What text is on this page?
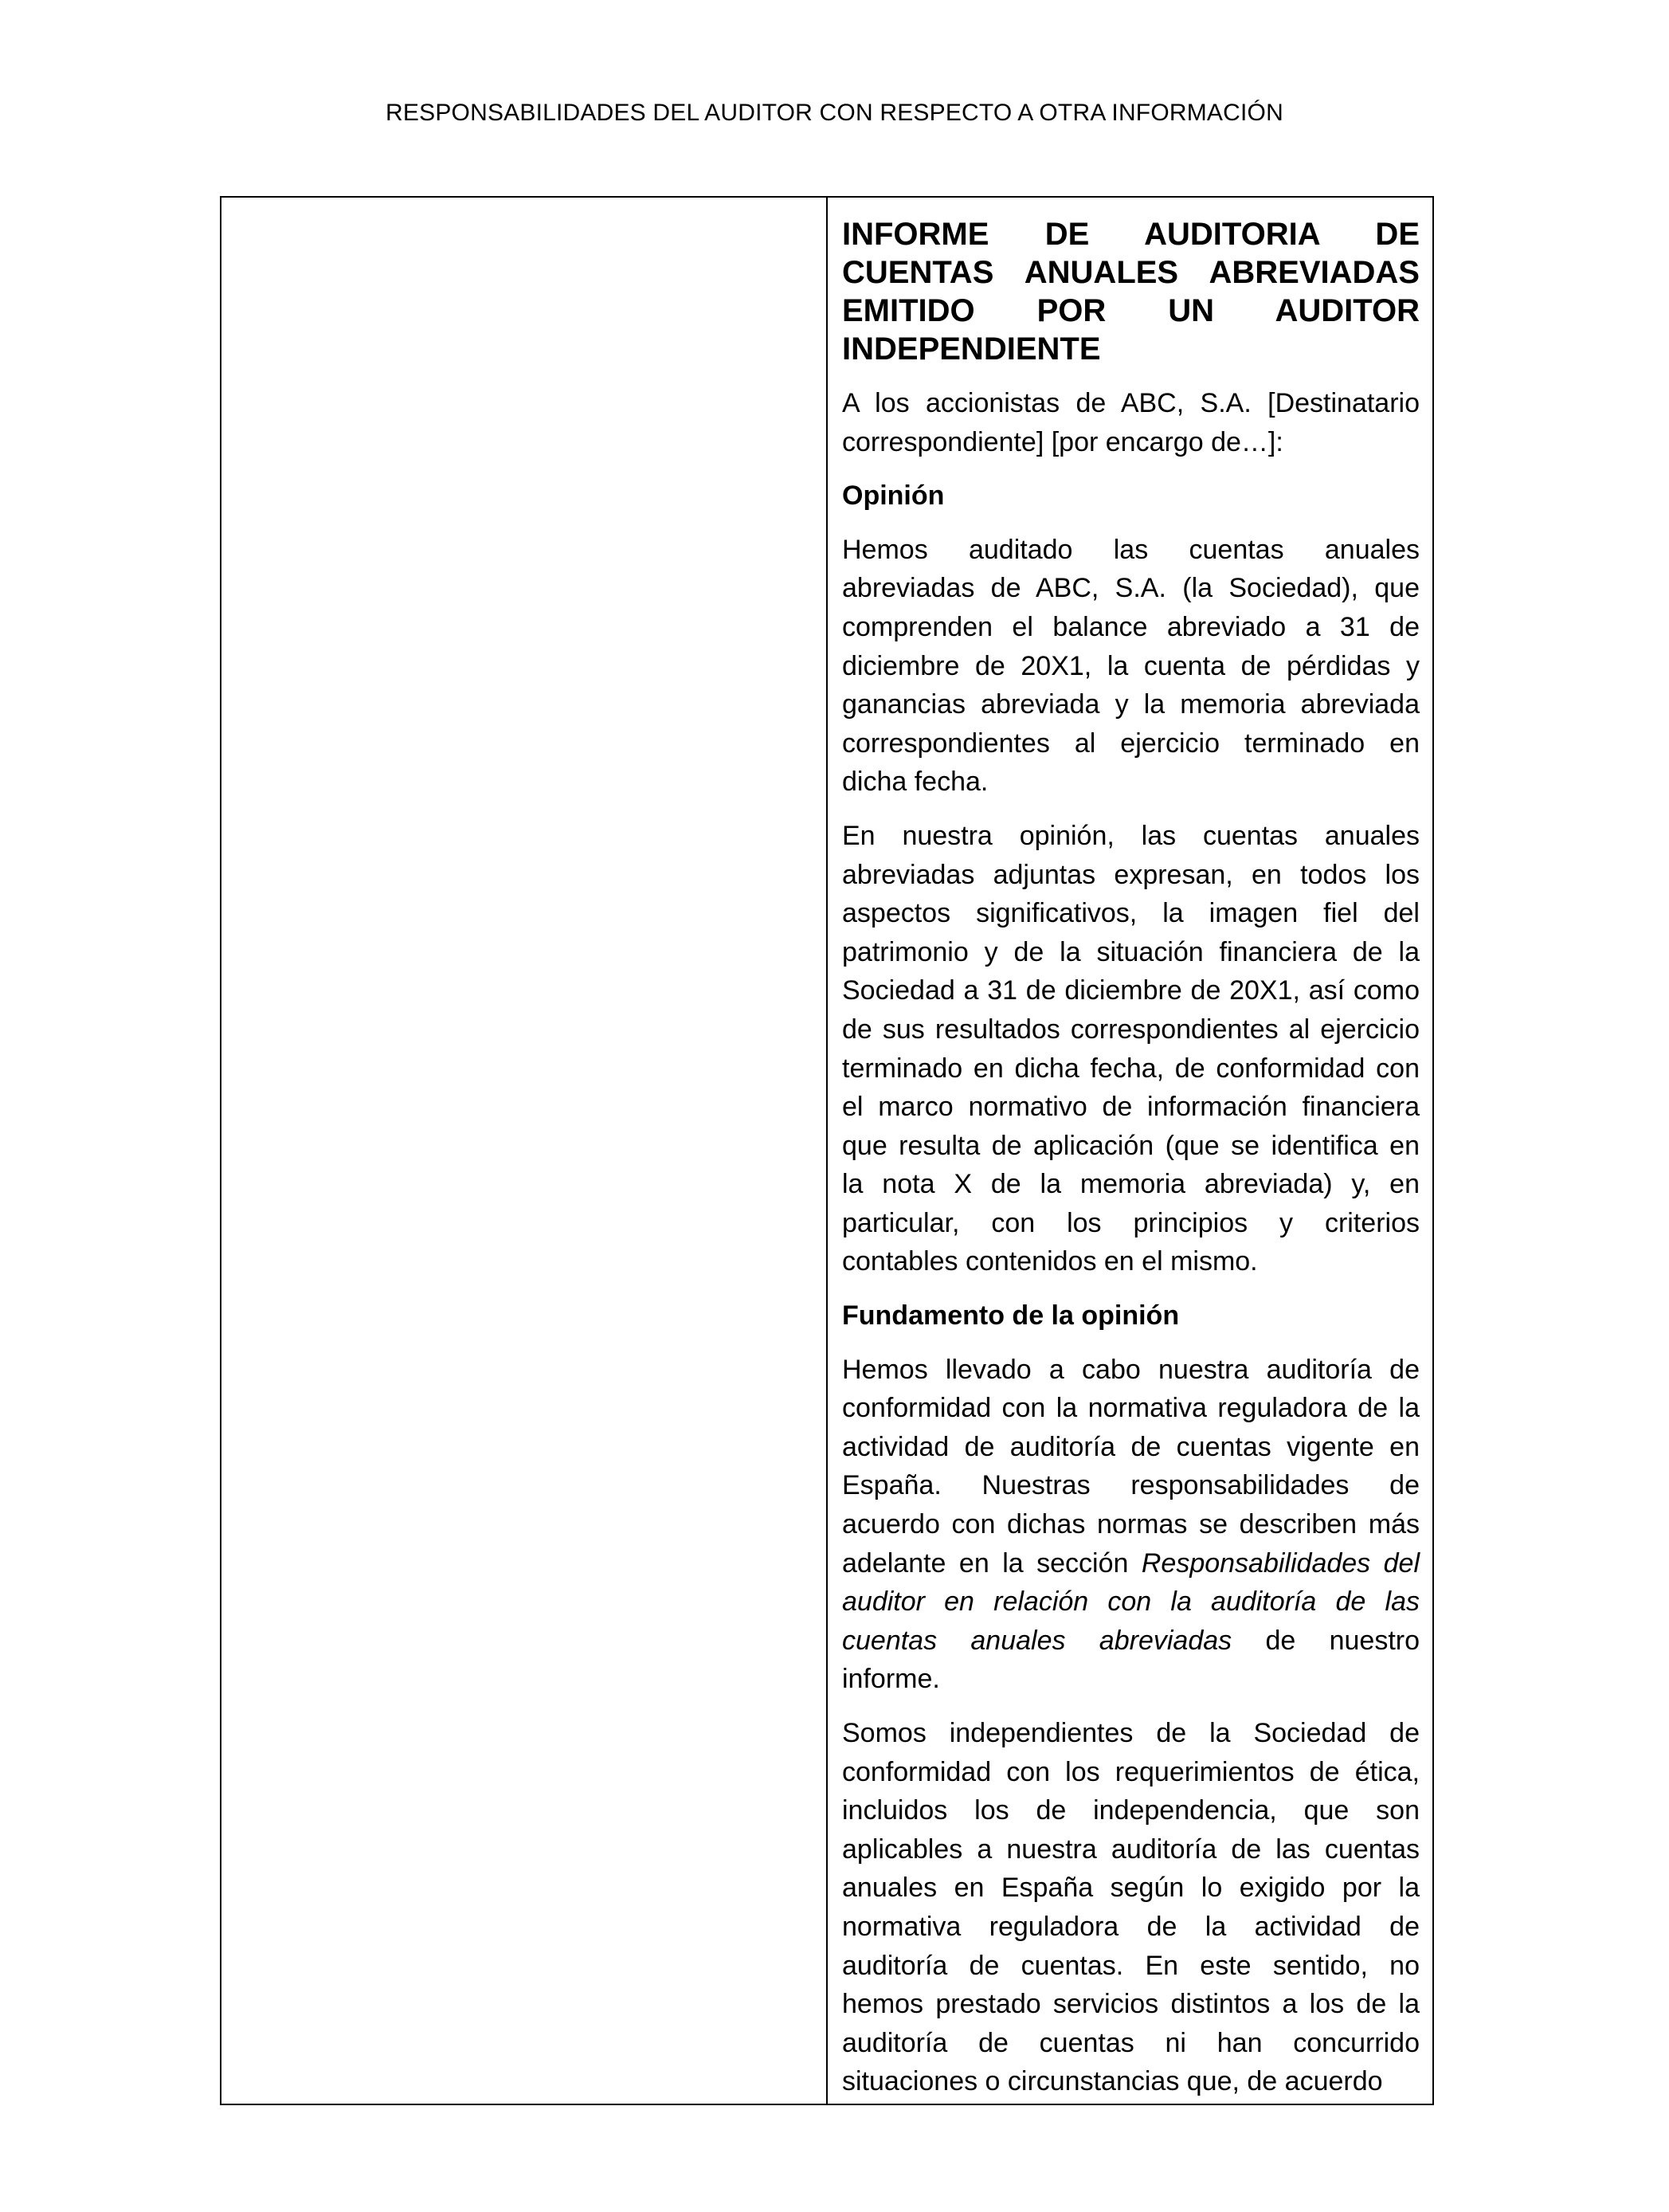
RESPONSABILIDADES DEL AUDITOR CON RESPECTO A OTRA INFORMACIÓN

INFORME DE AUDITORIA DE CUENTAS ANUALES ABREVIADAS EMITIDO POR UN AUDITOR INDEPENDIENTE

A los accionistas de ABC, S.A. [Destinatario correspondiente] [por encargo de…]:

Opinión

Hemos auditado las cuentas anuales abreviadas de ABC, S.A. (la Sociedad), que comprenden el balance abreviado a 31 de diciembre de 20X1, la cuenta de pérdidas y ganancias abreviada y la memoria abreviada correspondientes al ejercicio terminado en dicha fecha.

En nuestra opinión, las cuentas anuales abreviadas adjuntas expresan, en todos los aspectos significativos, la imagen fiel del patrimonio y de la situación financiera de la Sociedad a 31 de diciembre de 20X1, así como de sus resultados correspondientes al ejercicio terminado en dicha fecha, de conformidad con el marco normativo de información financiera que resulta de aplicación (que se identifica en la nota X de la memoria abreviada) y, en particular, con los principios y criterios contables contenidos en el mismo.

Fundamento de la opinión

Hemos llevado a cabo nuestra auditoría de conformidad con la normativa reguladora de la actividad de auditoría de cuentas vigente en España. Nuestras responsabilidades de acuerdo con dichas normas se describen más adelante en la sección Responsabilidades del auditor en relación con la auditoría de las cuentas anuales abreviadas de nuestro informe.

Somos independientes de la Sociedad de conformidad con los requerimientos de ética, incluidos los de independencia, que son aplicables a nuestra auditoría de las cuentas anuales en España según lo exigido por la normativa reguladora de la actividad de auditoría de cuentas. En este sentido, no hemos prestado servicios distintos a los de la auditoría de cuentas ni han concurrido situaciones o circunstancias que, de acuerdo
